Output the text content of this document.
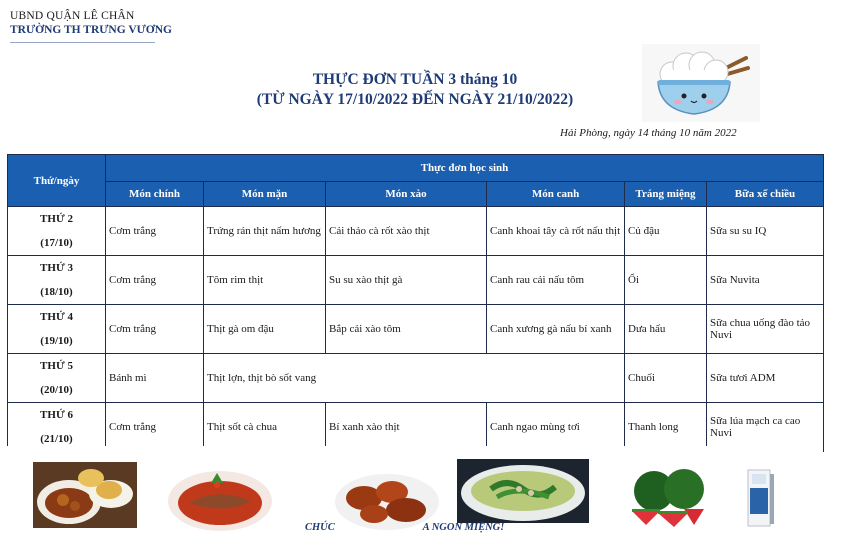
UBND QUẬN LÊ CHÂN
TRƯỜNG TH TRƯNG VƯƠNG
THỰC ĐƠN TUẦN 3 tháng 10
(TỪ NGÀY 17/10/2022 ĐẾN NGÀY 21/10/2022)
Hải Phòng, ngày 14 tháng 10 năm 2022
Thứ/ngày	Thực đơn học sinh					
	Món chính	Món mặn	Món xào	Món canh	Tráng miệng	Bữa xế chiều

THỨ 2
(17/10)	Cơm trắng	Trứng rán thịt nấm hương	Cải thảo cà rốt xào thịt	Canh khoai tây cà rốt nấu thịt	Củ đậu	Sữa su su IQ

THỨ 3
(18/10)	Cơm trắng	Tôm rim thịt	Su su xào thịt gà	Canh rau cải nấu tôm	Ổi	Sữa Nuvita

THỨ 4
(19/10)	Cơm trắng	Thịt gà om đậu	Bắp cải xào tôm	Canh xương gà nấu bí xanh	Dưa hấu	Sữa chua uống đào tảo Nuvi

THỨ 5
(20/10)	Bánh mì	Thịt lợn, thịt bò sốt vang			Chuối	Sữa tươi ADM

THỨ 6
(21/10)	Cơm trắng	Thịt sốt cà chua	Bí xanh xào thịt	Canh ngao mùng tơi	Thanh long	Sữa lúa mạch ca cao Nuvi
CHÚC	A NGON MIỆNG!
